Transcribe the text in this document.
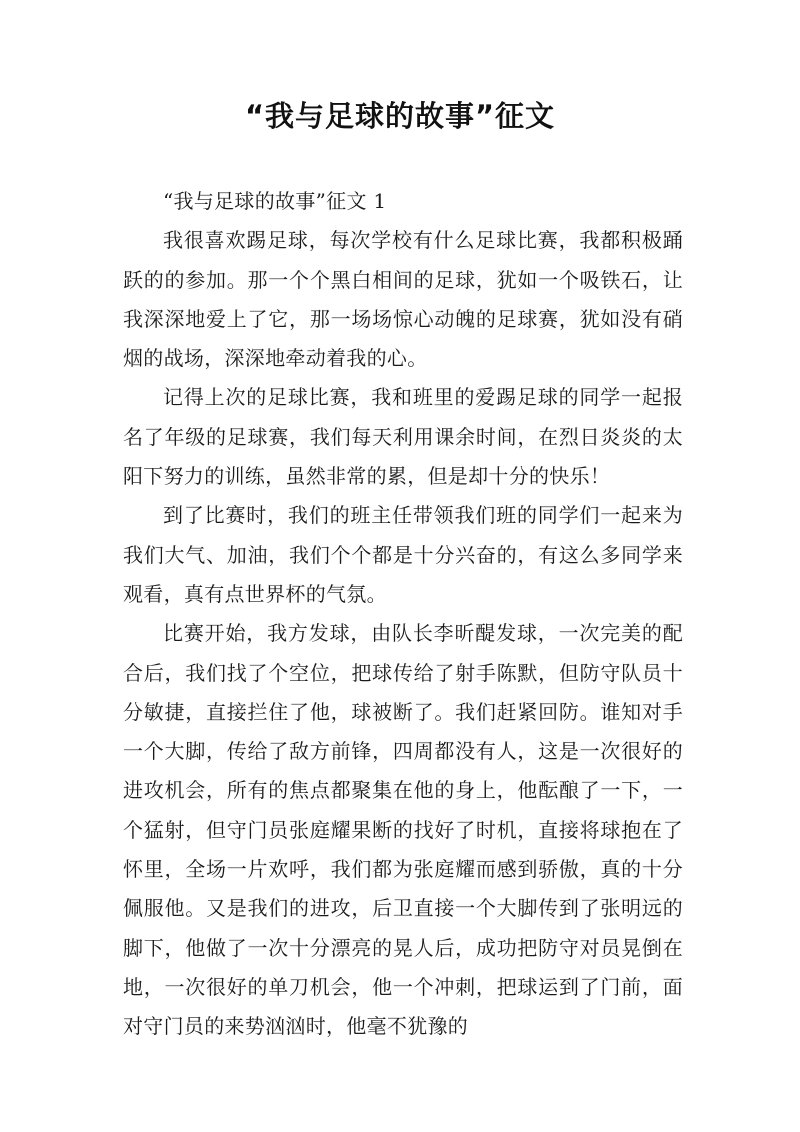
“我与足球的故事”征文

“我与足球的故事”征文 1

我很喜欢踢足球，每次学校有什么足球比赛，我都积极踊跃的的参加。那一个个黑白相间的足球，犹如一个吸铁石，让我深深地爱上了它，那一场场惊心动魄的足球赛，犹如没有硝烟的战场，深深地牵动着我的心。

记得上次的足球比赛，我和班里的爱踢足球的同学一起报名了年级的足球赛，我们每天利用课余时间，在烈日炎炎的太阳下努力的训练，虽然非常的累，但是却十分的快乐！

到了比赛时，我们的班主任带领我们班的同学们一起来为我们大气、加油，我们个个都是十分兴奋的，有这么多同学来观看，真有点世界杯的气氛。

比赛开始，我方发球，由队长李昕醍发球，一次完美的配合后，我们找了个空位，把球传给了射手陈默，但防守队员十分敏捷，直接拦住了他，球被断了。我们赶紧回防。谁知对手一个大脚，传给了敌方前锋，四周都没有人，这是一次很好的进攻机会，所有的焦点都聚集在他的身上，他酝酿了一下，一个猛射，但守门员张庭耀果断的找好了时机，直接将球抱在了怀里，全场一片欢呼，我们都为张庭耀而感到骄傲，真的十分佩服他。又是我们的进攻，后卫直接一个大脚传到了张明远的脚下，他做了一次十分漂亮的晃人后，成功把防守对员晃倒在地，一次很好的单刀机会，他一个冲刺，把球运到了门前，面对守门员的来势汹汹时，他毫不犹豫的
